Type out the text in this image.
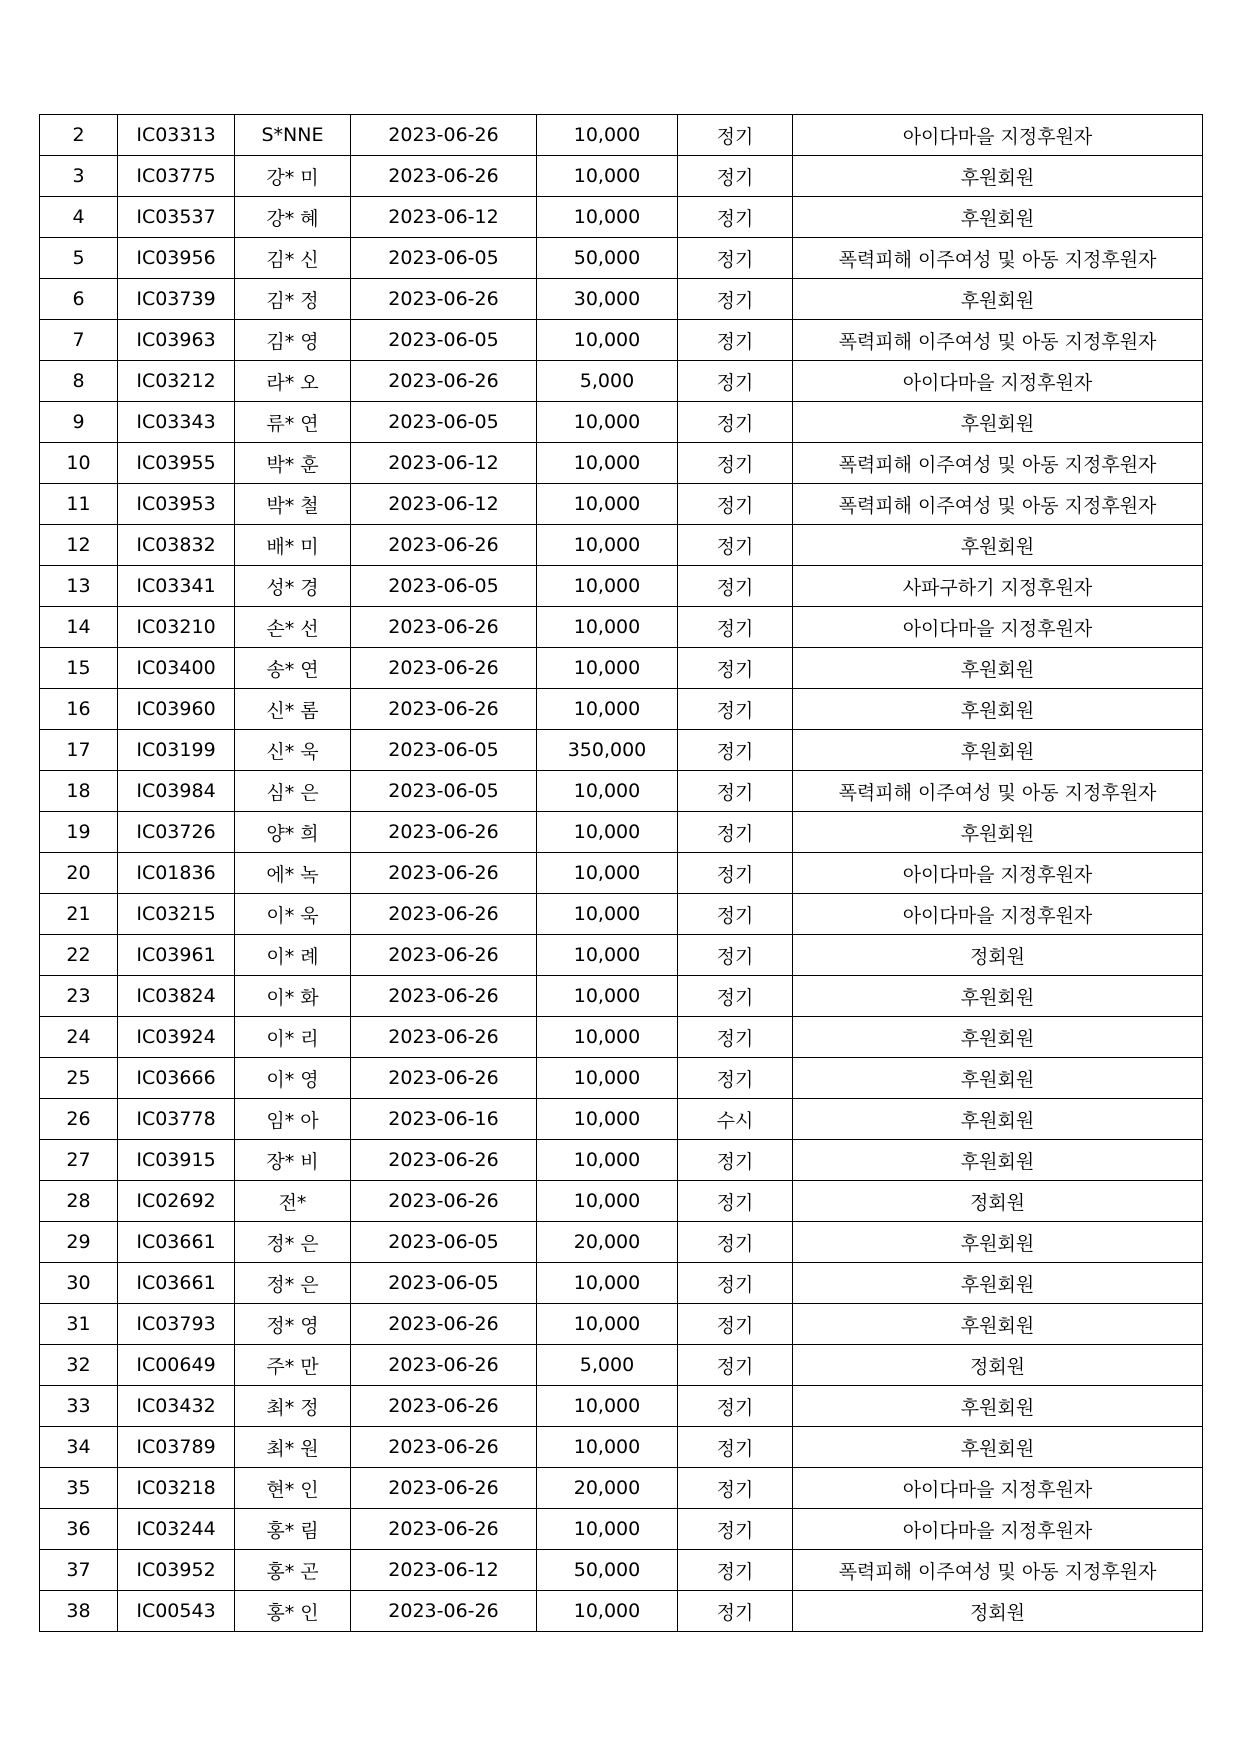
2	IC03313	S*NNE	2023-06-26	10,000	정기	아이다마을 지정후원자
3	IC03775	강* 미	2023-06-26	10,000	정기	후원회원
4	IC03537	강* 혜	2023-06-12	10,000	정기	후원회원
5	IC03956	김* 신	2023-06-05	50,000	정기	폭력피해 이주여성 및 아동 지정후원자
6	IC03739	김* 정	2023-06-26	30,000	정기	후원회원
7	IC03963	김* 영	2023-06-05	10,000	정기	폭력피해 이주여성 및 아동 지정후원자
8	IC03212	라* 오	2023-06-26	5,000	정기	아이다마을 지정후원자
9	IC03343	류* 연	2023-06-05	10,000	정기	후원회원
10	IC03955	박* 훈	2023-06-12	10,000	정기	폭력피해 이주여성 및 아동 지정후원자
11	IC03953	박* 철	2023-06-12	10,000	정기	폭력피해 이주여성 및 아동 지정후원자
12	IC03832	배* 미	2023-06-26	10,000	정기	후원회원
13	IC03341	성* 경	2023-06-05	10,000	정기	사파구하기 지정후원자
14	IC03210	손* 선	2023-06-26	10,000	정기	아이다마을 지정후원자
15	IC03400	송* 연	2023-06-26	10,000	정기	후원회원
16	IC03960	신* 롬	2023-06-26	10,000	정기	후원회원
17	IC03199	신* 욱	2023-06-05	350,000	정기	후원회원
18	IC03984	심* 은	2023-06-05	10,000	정기	폭력피해 이주여성 및 아동 지정후원자
19	IC03726	양* 희	2023-06-26	10,000	정기	후원회원
20	IC01836	에* 녹	2023-06-26	10,000	정기	아이다마을 지정후원자
21	IC03215	이* 욱	2023-06-26	10,000	정기	아이다마을 지정후원자
22	IC03961	이* 례	2023-06-26	10,000	정기	정회원
23	IC03824	이* 화	2023-06-26	10,000	정기	후원회원
24	IC03924	이* 리	2023-06-26	10,000	정기	후원회원
25	IC03666	이* 영	2023-06-26	10,000	정기	후원회원
26	IC03778	임* 아	2023-06-16	10,000	수시	후원회원
27	IC03915	장* 비	2023-06-26	10,000	정기	후원회원
28	IC02692	전*	2023-06-26	10,000	정기	정회원
29	IC03661	정* 은	2023-06-05	20,000	정기	후원회원
30	IC03661	정* 은	2023-06-05	10,000	정기	후원회원
31	IC03793	정* 영	2023-06-26	10,000	정기	후원회원
32	IC00649	주* 만	2023-06-26	5,000	정기	정회원
33	IC03432	최* 정	2023-06-26	10,000	정기	후원회원
34	IC03789	최* 원	2023-06-26	10,000	정기	후원회원
35	IC03218	현* 인	2023-06-26	20,000	정기	아이다마을 지정후원자
36	IC03244	홍* 림	2023-06-26	10,000	정기	아이다마을 지정후원자
37	IC03952	홍* 곤	2023-06-12	50,000	정기	폭력피해 이주여성 및 아동 지정후원자
38	IC00543	홍* 인	2023-06-26	10,000	정기	정회원
